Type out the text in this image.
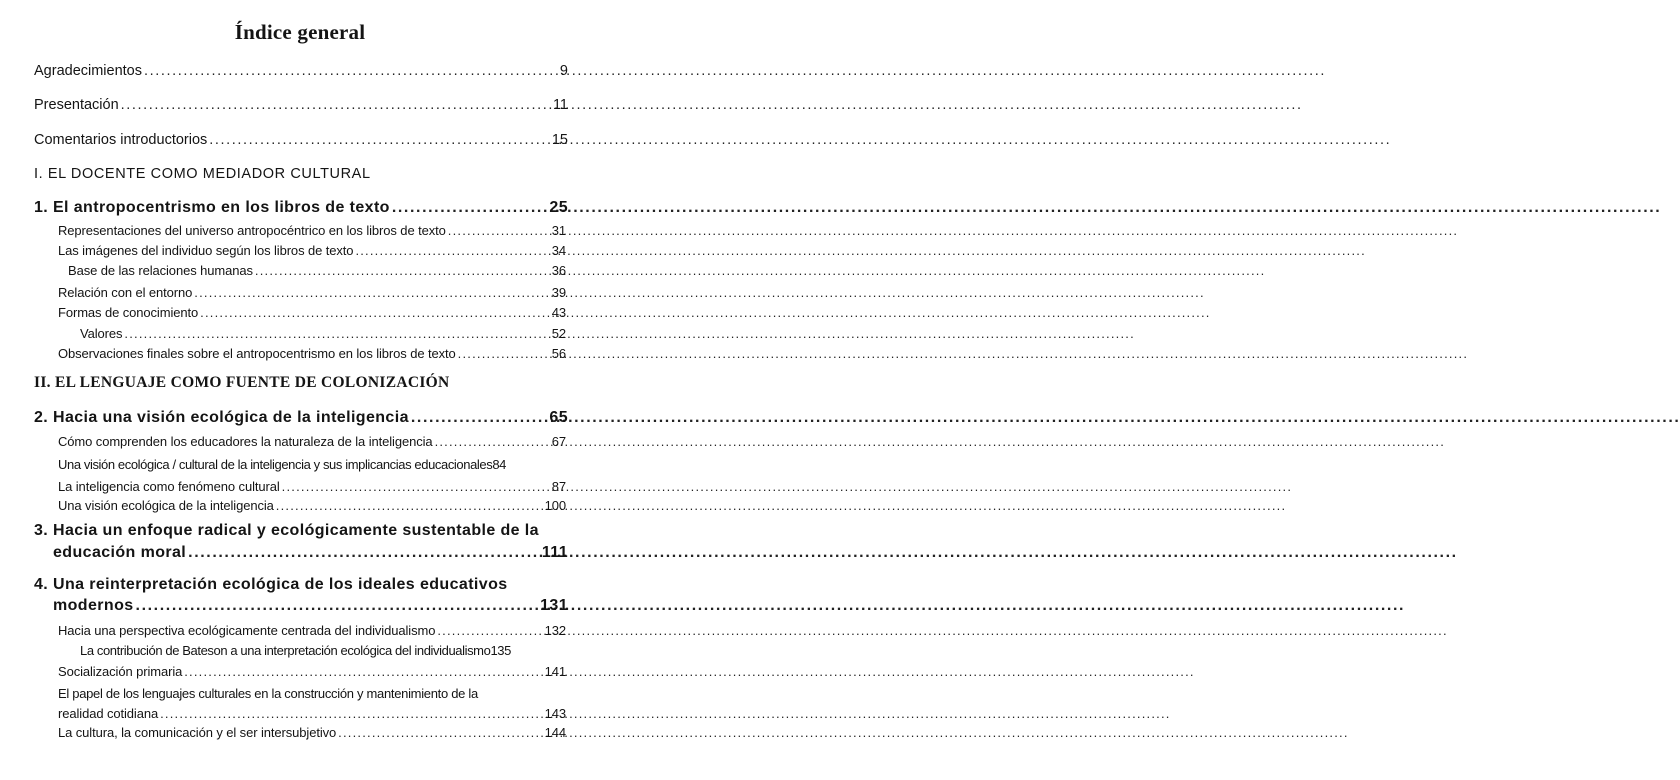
Índice general
Agradecimientos .....	9
Presentación .....	11
Comentarios introductorios .....	15
I. EL DOCENTE COMO MEDIADOR CULTURAL
1. El antropocentrismo en los libros de texto .....	25
Representaciones del universo antropocéntrico en los libros de texto .....	31
Las imágenes del individuo según los libros de texto .....	34
Base de las relaciones humanas .....	36
Relación con el entorno .....	39
Formas de conocimiento .....	43
Valores .....	52
Observaciones finales sobre el antropocentrismo en los libros de texto .....	56
II. EL LENGUAJE COMO FUENTE DE COLONIZACIÓN
2. Hacia una visión ecológica de la inteligencia .....	65
Cómo comprenden los educadores la naturaleza de la inteligencia .....	67
Una visión ecológica / cultural de la inteligencia y sus implicancias educacionales 84
La inteligencia como fenómeno cultural .....	87
Una visión ecológica de la inteligencia .....	100
3. Hacia un enfoque radical y ecológicamente sustentable de la
educación moral .....	111
4. Una reinterpretación ecológica de los ideales educativos
modernos .....	131
Hacia una perspectiva ecológicamente centrada del individualismo .....	132
La contribución de Bateson a una interpretación ecológica del individualismo 135
Socialización primaria .....	141
El papel de los lenguajes culturales en la construcción y mantenimiento de la
realidad cotidiana .....	143
La cultura, la comunicación y el ser intersubjetivo .....	144
